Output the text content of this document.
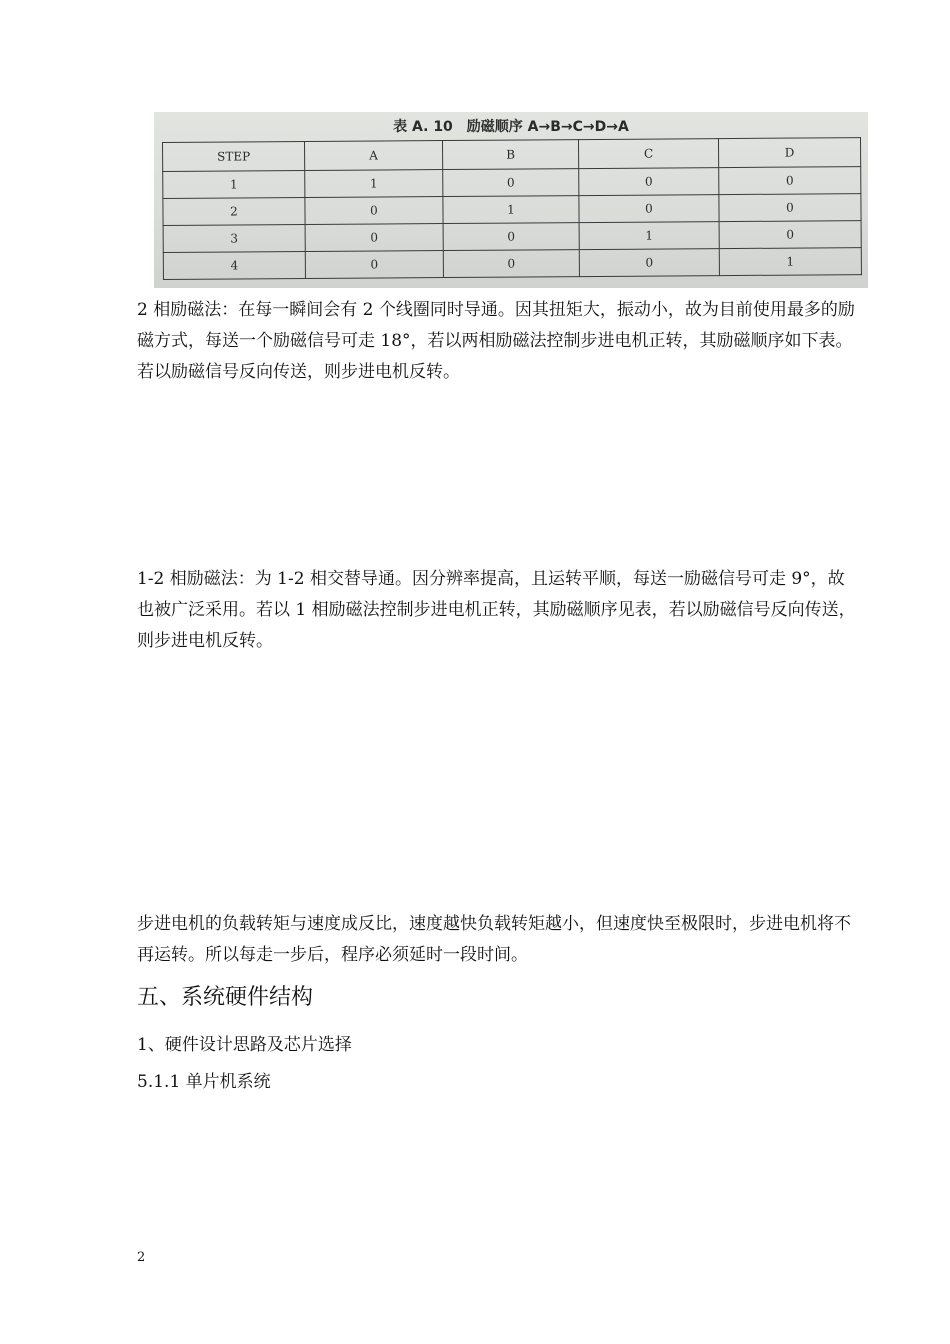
表 A. 10　励磁顺序 A→B→C→D→A
STEP	A	B	C	D
1	1	0	0	0
2	0	1	0	0
3	0	0	1	0
4	0	0	0	1

2 相励磁法：在每一瞬间会有 2 个线圈同时导通。因其扭矩大，振动小，故为目前使用最多的励磁方式，每送一个励磁信号可走 18°，若以两相励磁法控制步进电机正转，其励磁顺序如下表。若以励磁信号反向传送，则步进电机反转。

1-2 相励磁法：为 1-2 相交替导通。因分辨率提高，且运转平顺，每送一励磁信号可走 9°，故也被广泛采用。若以 1 相励磁法控制步进电机正转，其励磁顺序见表，若以励磁信号反向传送，则步进电机反转。

步进电机的负载转矩与速度成反比，速度越快负载转矩越小，但速度快至极限时，步进电机将不再运转。所以每走一步后，程序必须延时一段时间。

五、系统硬件结构

1、硬件设计思路及芯片选择

5.1.1 单片机系统

2
